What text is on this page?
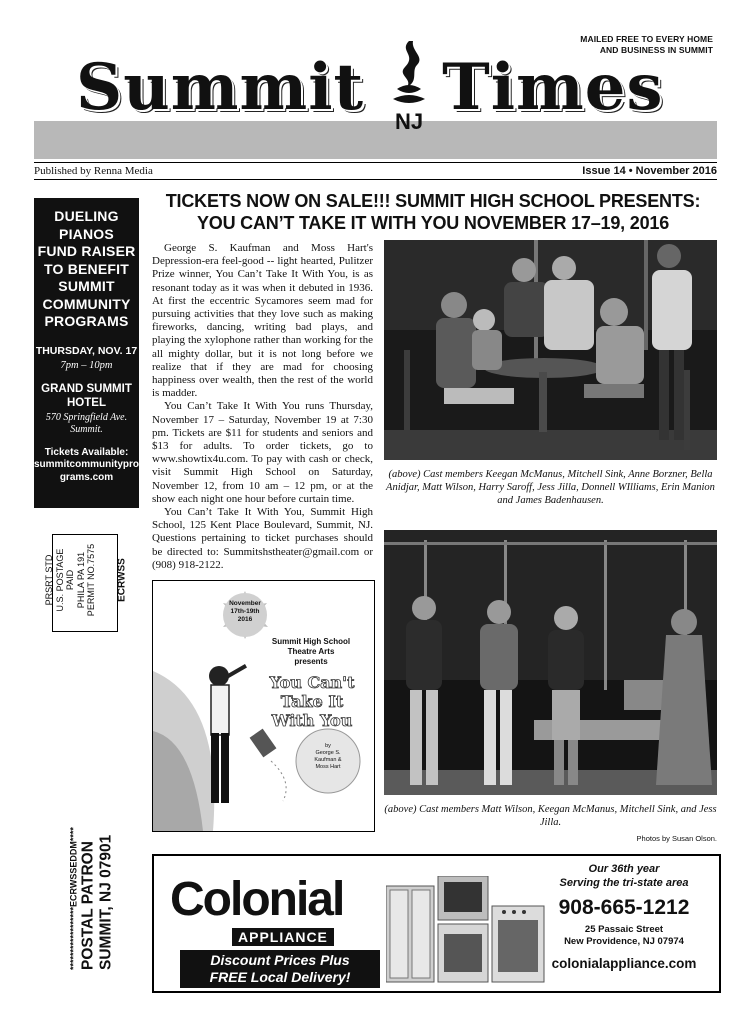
MAILED FREE TO EVERY HOME
AND BUSINESS IN SUMMIT
Summit Times
NJ
Published by Renna Media	Issue 14 • November 2016
DUELING
PIANOS
FUND RAISER
TO BENEFIT
SUMMIT
COMMUNITY
PROGRAMS
THURSDAY, NOV. 17
7pm – 10pm
GRAND SUMMIT
HOTEL
570 Springfield Ave.
Summit.
Tickets Available:
summitcommunitypro
grams.com
PRSRT STD U.S. POSTAGE PAID PHILA PA 191 PERMIT NO.7575 ECRWSS
******************ECRWSSEDDM**** POSTAL PATRON SUMMIT, NJ 07901
TICKETS NOW ON SALE!!! SUMMIT HIGH SCHOOL PRESENTS:
YOU CAN’T TAKE IT WITH YOU NOVEMBER 17–19, 2016

George S. Kaufman and Moss Hart's Depression-era feel-good -- light hearted, Pulitzer Prize winner, You Can’t Take It With You, is as resonant today as it was when it debuted in 1936. At first the eccentric Sycamores seem mad for pursuing activities that they love such as making fireworks, dancing, writing bad plays, and playing the xylophone rather than working for the all mighty dollar, but it is not long before we realize that if they are mad for choosing happiness over wealth, then the rest of the world is madder.

You Can’t Take It With You runs Thursday, November 17 – Saturday, November 19 at 7:30 pm. Tickets are $11 for students and seniors and $13 for adults. To order tickets, go to www.showtix4u.com. To pay with cash or check, visit Summit High School on Saturday, November 12, from 10 am – 12 pm, or at the show each night one hour before curtain time.

You Can’t Take It With You, Summit High School, 125 Kent Place Boulevard, Summit, NJ. Questions pertaining to ticket purchases should be directed to: Summitshstheater@gmail.com or (908) 918-2122.

(above) Cast members Keegan McManus, Mitchell Sink, Anne Borzner, Bella Anidjar, Matt Wilson, Harry Saroff, Jess Jilla, Donnell WIlliams, Erin Manion and James Badenhausen.
(above) Cast members Matt Wilson, Keegan McManus, Mitchell Sink, and Jess Jilla.
Photos by Susan Olson.
November
17th-19th
2016
Summit High School
Theatre Arts
presents
You Can't
Take It
With You
by
George S.
Kaufman &
Moss Hart
Colonial
APPLIANCE
Discount Prices Plus
FREE Local Delivery!
Our 36th year
Serving the tri-state area
908-665-1212
25 Passaic Street
New Providence, NJ 07974
colonialappliance.com
